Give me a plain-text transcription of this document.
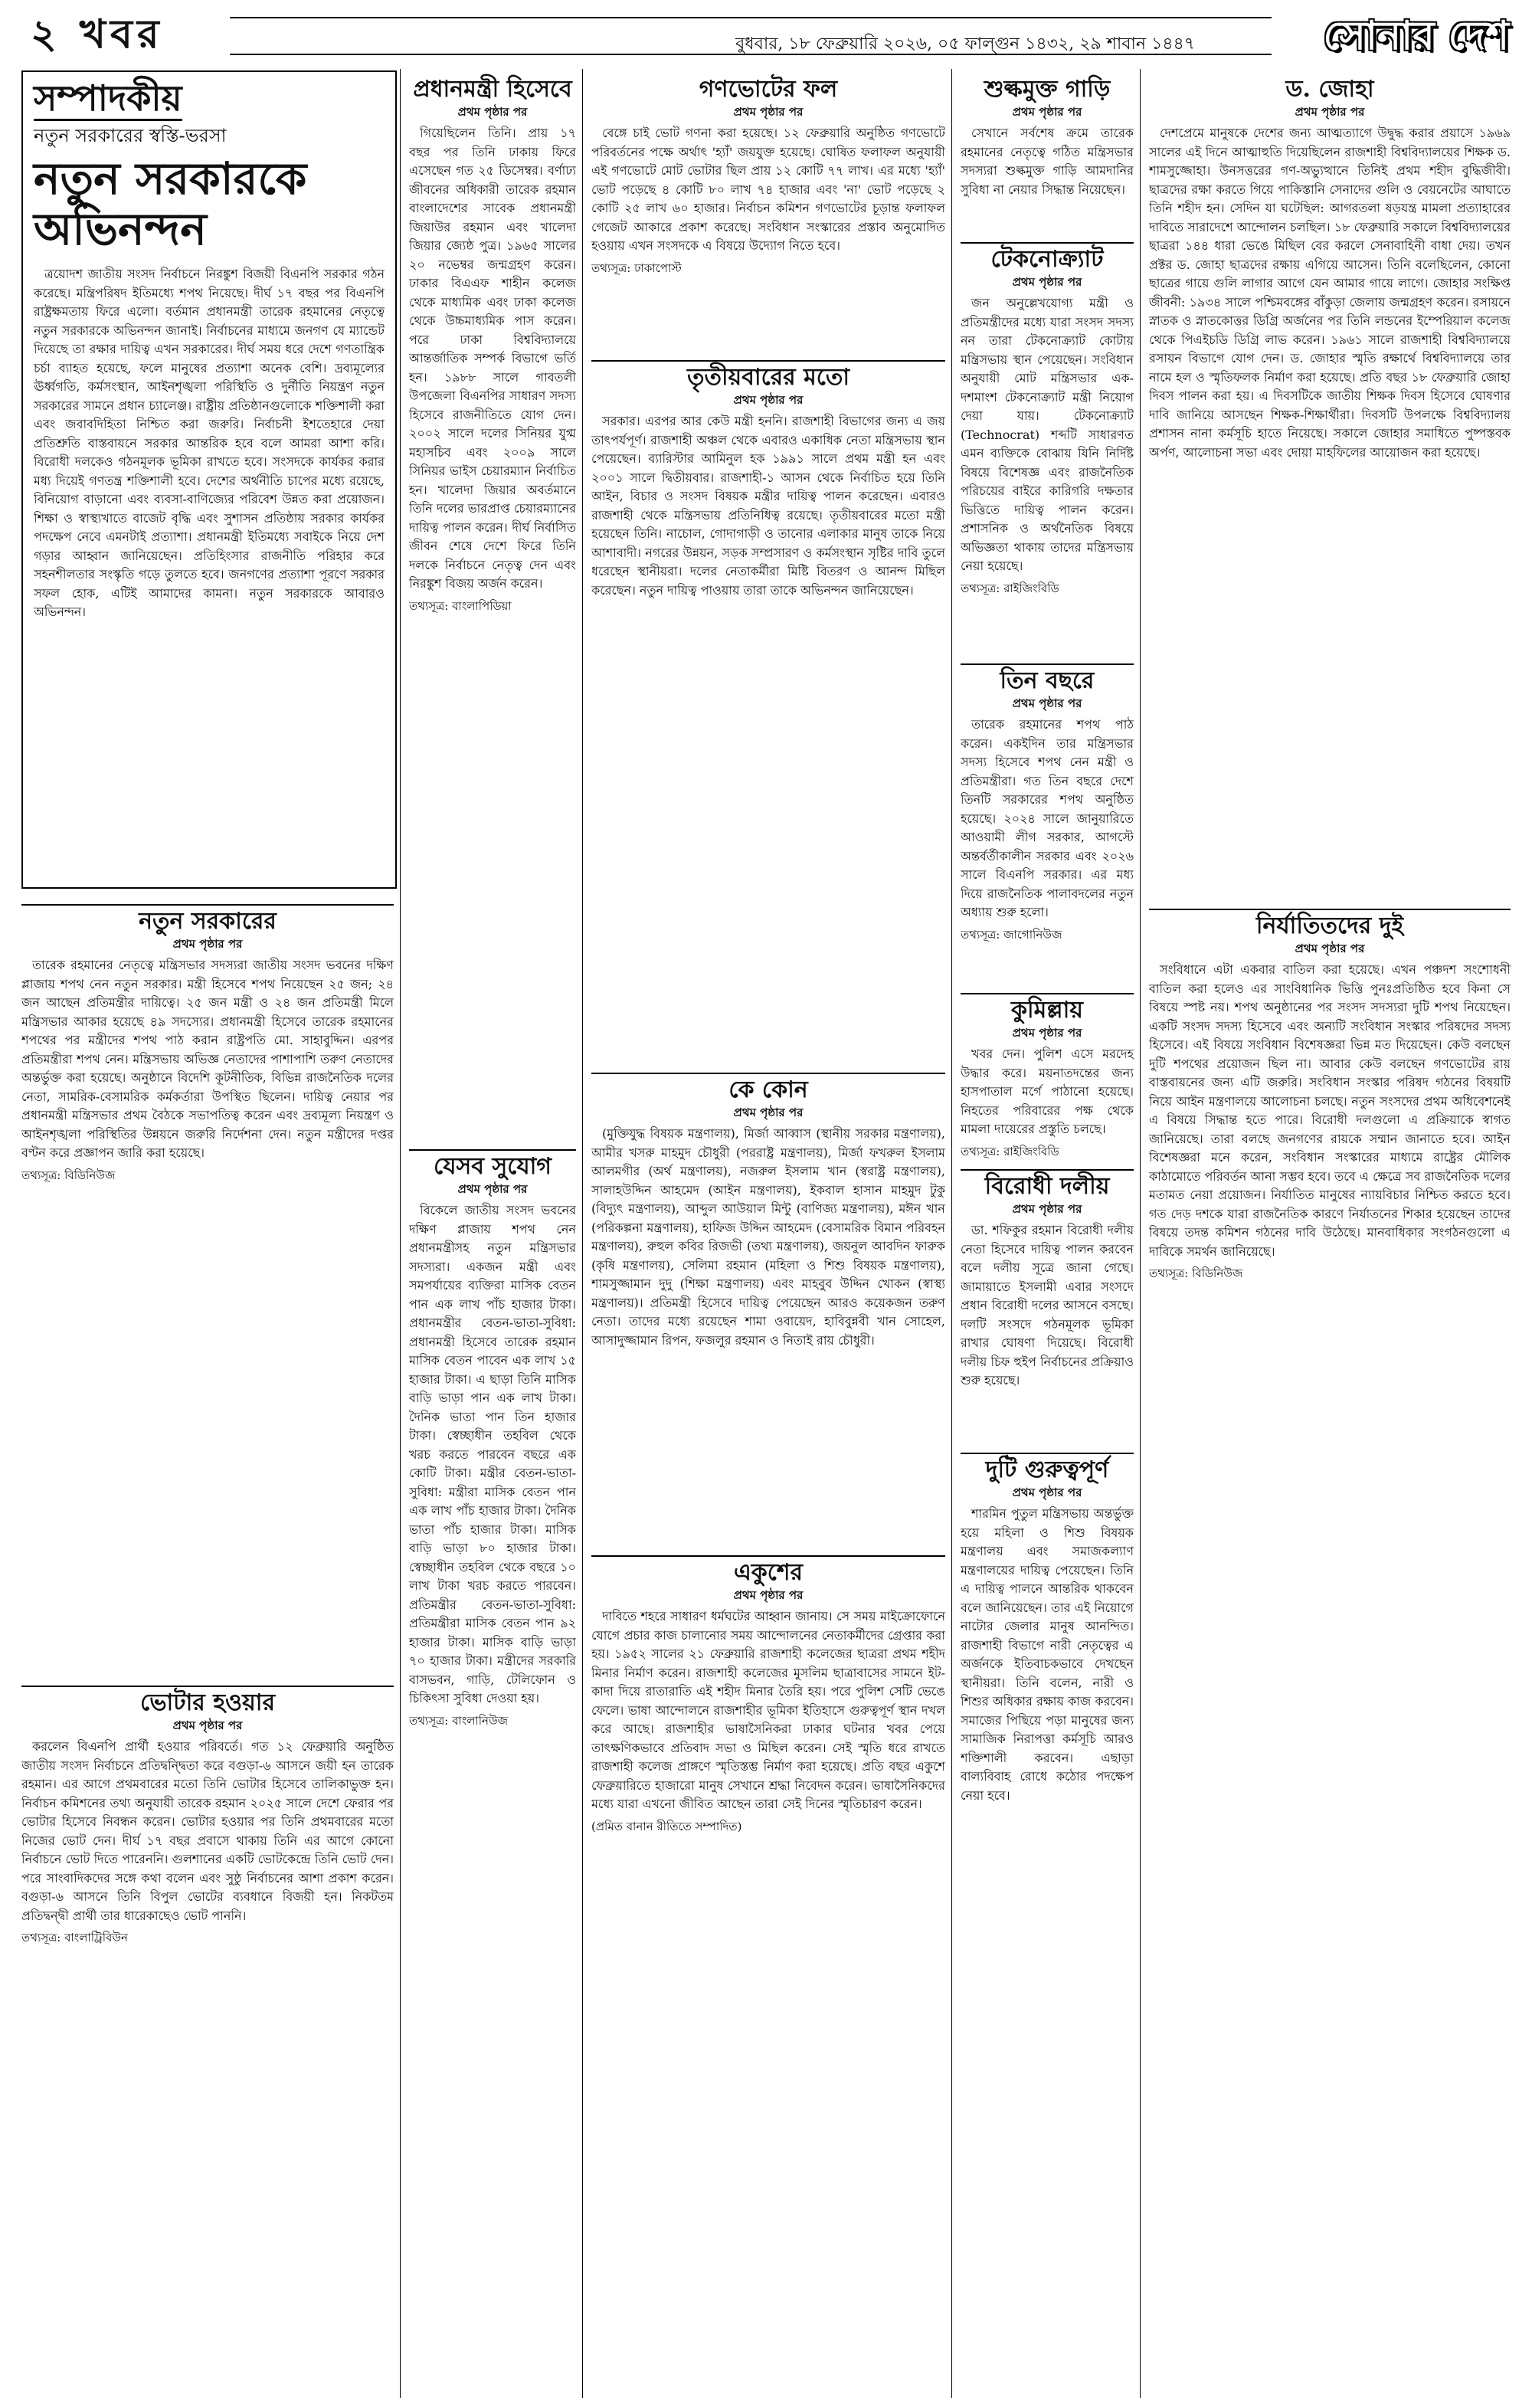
২ খবর	বুধবার, ১৮ ফেব্রুয়ারি ২০২৬, ০৫ ফাল্গুন ১৪৩২, ২৯ শাবান ১৪৪৭	সোনার দেশ
সম্পাদকীয়
নতুন সরকারের স্বস্তি-ভরসা
নতুন সরকারকে অভিনন্দন

ত্রয়োদশ জাতীয় সংসদ নির্বাচনে নিরঙ্কুশ বিজয়ী বিএনপি সরকার গঠন করেছে। মন্ত্রিপরিষদ ইতিমধ্যে শপথ নিয়েছে। দীর্ঘ ১৭ বছর পর বিএনপি রাষ্ট্রক্ষমতায় ফিরে এলো। বর্তমান প্রধানমন্ত্রী তারেক রহমানের নেতৃত্বে নতুন সরকারকে অভিনন্দন জানাই। নির্বাচনের মাধ্যমে জনগণ যে ম্যান্ডেট দিয়েছে তা রক্ষার দায়িত্ব এখন সরকারের। দীর্ঘ সময় ধরে দেশে গণতান্ত্রিক চর্চা ব্যাহত হয়েছে, ফলে মানুষের প্রত্যাশা অনেক বেশি। দ্রব্যমূল্যের ঊর্ধ্বগতি, কর্মসংস্থান, আইনশৃঙ্খলা পরিস্থিতি ও দুর্নীতি নিয়ন্ত্রণ নতুন সরকারের সামনে প্রধান চ্যালেঞ্জ। রাষ্ট্রীয় প্রতিষ্ঠানগুলোকে শক্তিশালী করা এবং জবাবদিহিতা নিশ্চিত করা জরুরি। নির্বাচনী ইশতেহারে দেয়া প্রতিশ্রুতি বাস্তবায়নে সরকার আন্তরিক হবে বলে আমরা আশা করি। বিরোধী দলকেও গঠনমূলক ভূমিকা রাখতে হবে। সংসদকে কার্যকর করার মধ্য দিয়েই গণতন্ত্র শক্তিশালী হবে। দেশের অর্থনীতি চাপের মধ্যে রয়েছে, বিনিয়োগ বাড়ানো এবং ব্যবসা-বাণিজ্যের পরিবেশ উন্নত করা প্রয়োজন। শিক্ষা ও স্বাস্থ্যখাতে বাজেট বৃদ্ধি এবং সুশাসন প্রতিষ্ঠায় সরকার কার্যকর পদক্ষেপ নেবে এমনটাই প্রত্যাশা। প্রধানমন্ত্রী ইতিমধ্যে সবাইকে নিয়ে দেশ গড়ার আহ্বান জানিয়েছেন। প্রতিহিংসার রাজনীতি পরিহার করে সহনশীলতার সংস্কৃতি গড়ে তুলতে হবে। জনগণের প্রত্যাশা পূরণে সরকার সফল হোক, এটিই আমাদের কামনা। নতুন সরকারকে আবারও অভিনন্দন।

প্রধানমন্ত্রী হিসেবে
প্রথম পৃষ্ঠার পর

গিয়েছিলেন তিনি। প্রায় ১৭ বছর পর তিনি ঢাকায় ফিরে এসেছেন গত ২৫ ডিসেম্বর। বর্ণাঢ্য জীবনের অধিকারী তারেক রহমান বাংলাদেশের সাবেক প্রধানমন্ত্রী জিয়াউর রহমান এবং খালেদা জিয়ার জ্যেষ্ঠ পুত্র। ১৯৬৫ সালের ২০ নভেম্বর জন্মগ্রহণ করেন। ঢাকার বিএএফ শাহীন কলেজ থেকে মাধ্যমিক এবং ঢাকা কলেজ থেকে উচ্চমাধ্যমিক পাস করেন। পরে ঢাকা বিশ্ববিদ্যালয়ে আন্তর্জাতিক সম্পর্ক বিভাগে ভর্তি হন। ১৯৮৮ সালে গাবতলী উপজেলা বিএনপির সাধারণ সদস্য হিসেবে রাজনীতিতে যোগ দেন। ২০০২ সালে দলের সিনিয়র যুগ্ম মহাসচিব এবং ২০০৯ সালে সিনিয়র ভাইস চেয়ারম্যান নির্বাচিত হন। খালেদা জিয়ার অবর্তমানে তিনি দলের ভারপ্রাপ্ত চেয়ারম্যানের দায়িত্ব পালন করেন। দীর্ঘ নির্বাসিত জীবন শেষে দেশে ফিরে তিনি দলকে নির্বাচনে নেতৃত্ব দেন এবং নিরঙ্কুশ বিজয় অর্জন করেন।

তথ্যসূত্র: বাংলাপিডিয়া
নতুন সরকারের
প্রথম পৃষ্ঠার পর

তারেক রহমানের নেতৃত্বে মন্ত্রিসভার সদস্যরা জাতীয় সংসদ ভবনের দক্ষিণ প্লাজায় শপথ নেন নতুন সরকার। মন্ত্রী হিসেবে শপথ নিয়েছেন ২৫ জন; ২৪ জন আছেন প্রতিমন্ত্রীর দায়িত্বে। ২৫ জন মন্ত্রী ও ২৪ জন প্রতিমন্ত্রী মিলে মন্ত্রিসভার আকার হয়েছে ৪৯ সদস্যের। প্রধানমন্ত্রী হিসেবে তারেক রহমানের শপথের পর মন্ত্রীদের শপথ পাঠ করান রাষ্ট্রপতি মো. সাহাবুদ্দিন। এরপর প্রতিমন্ত্রীরা শপথ নেন। মন্ত্রিসভায় অভিজ্ঞ নেতাদের পাশাপাশি তরুণ নেতাদের অন্তর্ভুক্ত করা হয়েছে। অনুষ্ঠানে বিদেশি কূটনীতিক, বিভিন্ন রাজনৈতিক দলের নেতা, সামরিক-বেসামরিক কর্মকর্তারা উপস্থিত ছিলেন। দায়িত্ব নেয়ার পর প্রধানমন্ত্রী মন্ত্রিসভার প্রথম বৈঠকে সভাপতিত্ব করেন এবং দ্রব্যমূল্য নিয়ন্ত্রণ ও আইনশৃঙ্খলা পরিস্থিতির উন্নয়নে জরুরি নির্দেশনা দেন। নতুন মন্ত্রীদের দপ্তর বণ্টন করে প্রজ্ঞাপন জারি করা হয়েছে।

তথ্যসূত্র: বিডিনিউজ
ভোটার হওয়ার
প্রথম পৃষ্ঠার পর

করলেন বিএনপি প্রার্থী হওয়ার পরিবর্তে। গত ১২ ফেব্রুয়ারি অনুষ্ঠিত জাতীয় সংসদ নির্বাচনে প্রতিদ্বন্দ্বিতা করে বগুড়া-৬ আসনে জয়ী হন তারেক রহমান। এর আগে প্রথমবারের মতো তিনি ভোটার হিসেবে তালিকাভুক্ত হন। নির্বাচন কমিশনের তথ্য অনুযায়ী তারেক রহমান ২০২৫ সালে দেশে ফেরার পর ভোটার হিসেবে নিবন্ধন করেন। ভোটার হওয়ার পর তিনি প্রথমবারের মতো নিজের ভোট দেন। দীর্ঘ ১৭ বছর প্রবাসে থাকায় তিনি এর আগে কোনো নির্বাচনে ভোট দিতে পারেননি। গুলশানের একটি ভোটকেন্দ্রে তিনি ভোট দেন। পরে সাংবাদিকদের সঙ্গে কথা বলেন এবং সুষ্ঠু নির্বাচনের আশা প্রকাশ করেন। বগুড়া-৬ আসনে তিনি বিপুল ভোটের ব্যবধানে বিজয়ী হন। নিকটতম প্রতিদ্বন্দ্বী প্রার্থী তার ধারেকাছেও ভোট পাননি।

তথ্যসূত্র: বাংলাট্রিবিউন
গণভোটের ফল
প্রথম পৃষ্ঠার পর

বেঙ্গে চাই ভোট গণনা করা হয়েছে। ১২ ফেব্রুয়ারি অনুষ্ঠিত গণভোটে পরিবর্তনের পক্ষে অর্থাৎ 'হ্যাঁ' জয়যুক্ত হয়েছে। ঘোষিত ফলাফল অনুযায়ী এই গণভোটে মোট ভোটার ছিল প্রায় ১২ কোটি ৭৭ লাখ। এর মধ্যে 'হ্যাঁ' ভোট পড়েছে ৪ কোটি ৮০ লাখ ৭৪ হাজার এবং 'না' ভোট পড়েছে ২ কোটি ২৫ লাখ ৬০ হাজার। নির্বাচন কমিশন গণভোটের চূড়ান্ত ফলাফল গেজেট আকারে প্রকাশ করেছে। সংবিধান সংস্কারের প্রস্তাব অনুমোদিত হওয়ায় এখন সংসদকে এ বিষয়ে উদ্যোগ নিতে হবে।

তথ্যসূত্র: ঢাকাপোস্ট
তৃতীয়বারের মতো
প্রথম পৃষ্ঠার পর

সরকার। এরপর আর কেউ মন্ত্রী হননি। রাজশাহী বিভাগের জন্য এ জয় তাৎপর্যপূর্ণ। রাজশাহী অঞ্চল থেকে এবারও একাধিক নেতা মন্ত্রিসভায় স্থান পেয়েছেন। ব্যারিস্টার আমিনুল হক ১৯৯১ সালে প্রথম মন্ত্রী হন এবং ২০০১ সালে দ্বিতীয়বার। রাজশাহী-১ আসন থেকে নির্বাচিত হয়ে তিনি আইন, বিচার ও সংসদ বিষয়ক মন্ত্রীর দায়িত্ব পালন করেছেন। এবারও রাজশাহী থেকে মন্ত্রিসভায় প্রতিনিধিত্ব রয়েছে। তৃতীয়বারের মতো মন্ত্রী হয়েছেন তিনি। নাচোল, গোদাগাড়ী ও তানোর এলাকার মানুষ তাকে নিয়ে আশাবাদী। নগরের উন্নয়ন, সড়ক সম্প্রসারণ ও কর্মসংস্থান সৃষ্টির দাবি তুলে ধরেছেন স্থানীয়রা। দলের নেতাকর্মীরা মিষ্টি বিতরণ ও আনন্দ মিছিল করেছেন। নতুন দায়িত্ব পাওয়ায় তারা তাকে অভিনন্দন জানিয়েছেন।

কে কোন
প্রথম পৃষ্ঠার পর

(মুক্তিযুদ্ধ বিষয়ক মন্ত্রণালয়), মির্জা আব্বাস (স্থানীয় সরকার মন্ত্রণালয়), আমীর খসরু মাহমুদ চৌধুরী (পররাষ্ট্র মন্ত্রণালয়), মির্জা ফখরুল ইসলাম আলমগীর (অর্থ মন্ত্রণালয়), নজরুল ইসলাম খান (স্বরাষ্ট্র মন্ত্রণালয়), সালাহউদ্দিন আহমেদ (আইন মন্ত্রণালয়), ইকবাল হাসান মাহমুদ টুকু (বিদ্যুৎ মন্ত্রণালয়), আব্দুল আউয়াল মিন্টু (বাণিজ্য মন্ত্রণালয়), মঈন খান (পরিকল্পনা মন্ত্রণালয়), হাফিজ উদ্দিন আহমেদ (বেসামরিক বিমান পরিবহন মন্ত্রণালয়), রুহুল কবির রিজভী (তথ্য মন্ত্রণালয়), জয়নুল আবদিন ফারুক (কৃষি মন্ত্রণালয়), সেলিমা রহমান (মহিলা ও শিশু বিষয়ক মন্ত্রণালয়), শামসুজ্জামান দুদু (শিক্ষা মন্ত্রণালয়) এবং মাহবুব উদ্দিন খোকন (স্বাস্থ্য মন্ত্রণালয়)। প্রতিমন্ত্রী হিসেবে দায়িত্ব পেয়েছেন আরও কয়েকজন তরুণ নেতা। তাদের মধ্যে রয়েছেন শামা ওবায়েদ, হাবিবুন্নবী খান সোহেল, আসাদুজ্জামান রিপন, ফজলুর রহমান ও নিতাই রায় চৌধুরী।

যেসব সুযোগ
প্রথম পৃষ্ঠার পর

বিকেলে জাতীয় সংসদ ভবনের দক্ষিণ প্লাজায় শপথ নেন প্রধানমন্ত্রীসহ নতুন মন্ত্রিসভার সদস্যরা। একজন মন্ত্রী এবং সমপর্যায়ের ব্যক্তিরা মাসিক বেতন পান এক লাখ পাঁচ হাজার টাকা। প্রধানমন্ত্রীর বেতন-ভাতা-সুবিধা: প্রধানমন্ত্রী হিসেবে তারেক রহমান মাসিক বেতন পাবেন এক লাখ ১৫ হাজার টাকা। এ ছাড়া তিনি মাসিক বাড়ি ভাড়া পান এক লাখ টাকা। দৈনিক ভাতা পান তিন হাজার টাকা। স্বেচ্ছাধীন তহবিল থেকে খরচ করতে পারবেন বছরে এক কোটি টাকা। মন্ত্রীর বেতন-ভাতা-সুবিধা: মন্ত্রীরা মাসিক বেতন পান এক লাখ পাঁচ হাজার টাকা। দৈনিক ভাতা পাঁচ হাজার টাকা। মাসিক বাড়ি ভাড়া ৮০ হাজার টাকা। স্বেচ্ছাধীন তহবিল থেকে বছরে ১০ লাখ টাকা খরচ করতে পারবেন। প্রতিমন্ত্রীর বেতন-ভাতা-সুবিধা: প্রতিমন্ত্রীরা মাসিক বেতন পান ৯২ হাজার টাকা। মাসিক বাড়ি ভাড়া ৭০ হাজার টাকা। মন্ত্রীদের সরকারি বাসভবন, গাড়ি, টেলিফোন ও চিকিৎসা সুবিধা দেওয়া হয়।

তথ্যসূত্র: বাংলানিউজ
একুশের
প্রথম পৃষ্ঠার পর

দাবিতে শহরে সাধারণ ধর্মঘটের আহ্বান জানায়। সে সময় মাইক্রোফোনে যোগে প্রচার কাজ চালানোর সময় আন্দোলনের নেতাকর্মীদের গ্রেপ্তার করা হয়। ১৯৫২ সালের ২১ ফেব্রুয়ারি রাজশাহী কলেজের ছাত্ররা প্রথম শহীদ মিনার নির্মাণ করেন। রাজশাহী কলেজের মুসলিম ছাত্রাবাসের সামনে ইট-কাদা দিয়ে রাতারাতি এই শহীদ মিনার তৈরি হয়। পরে পুলিশ সেটি ভেঙে ফেলে। ভাষা আন্দোলনে রাজশাহীর ভূমিকা ইতিহাসে গুরুত্বপূর্ণ স্থান দখল করে আছে। রাজশাহীর ভাষাসৈনিকরা ঢাকার ঘটনার খবর পেয়ে তাৎক্ষণিকভাবে প্রতিবাদ সভা ও মিছিল করেন। সেই স্মৃতি ধরে রাখতে রাজশাহী কলেজ প্রাঙ্গণে স্মৃতিস্তম্ভ নির্মাণ করা হয়েছে। প্রতি বছর একুশে ফেব্রুয়ারিতে হাজারো মানুষ সেখানে শ্রদ্ধা নিবেদন করেন। ভাষাসৈনিকদের মধ্যে যারা এখনো জীবিত আছেন তারা সেই দিনের স্মৃতিচারণ করেন।

(প্রমিত বানান রীতিতে সম্পাদিত)
শুল্কমুক্ত গাড়ি
প্রথম পৃষ্ঠার পর

সেখানে সর্বশেষ ক্রমে তারেক রহমানের নেতৃত্বে গঠিত মন্ত্রিসভার সদস্যরা শুল্কমুক্ত গাড়ি আমদানির সুবিধা না নেয়ার সিদ্ধান্ত নিয়েছেন।

টেকনোক্র্যাট
প্রথম পৃষ্ঠার পর

জন অনুল্লেখযোগ্য মন্ত্রী ও প্রতিমন্ত্রীদের মধ্যে যারা সংসদ সদস্য নন তারা টেকনোক্র্যাট কোটায় মন্ত্রিসভায় স্থান পেয়েছেন। সংবিধান অনুযায়ী মোট মন্ত্রিসভার এক-দশমাংশ টেকনোক্র্যাট মন্ত্রী নিয়োগ দেয়া যায়। টেকনোক্র্যাট (Technocrat) শব্দটি সাধারণত এমন ব্যক্তিকে বোঝায় যিনি নির্দিষ্ট বিষয়ে বিশেষজ্ঞ এবং রাজনৈতিক পরিচয়ের বাইরে কারিগরি দক্ষতার ভিত্তিতে দায়িত্ব পালন করেন। প্রশাসনিক ও অর্থনৈতিক বিষয়ে অভিজ্ঞতা থাকায় তাদের মন্ত্রিসভায় নেয়া হয়েছে।

তথ্যসূত্র: রাইজিংবিডি
তিন বছরে
প্রথম পৃষ্ঠার পর

তারেক রহমানের শপথ পাঠ করেন। একইদিন তার মন্ত্রিসভার সদস্য হিসেবে শপথ নেন মন্ত্রী ও প্রতিমন্ত্রীরা। গত তিন বছরে দেশে তিনটি সরকারের শপথ অনুষ্ঠিত হয়েছে। ২০২৪ সালে জানুয়ারিতে আওয়ামী লীগ সরকার, আগস্টে অন্তর্বর্তীকালীন সরকার এবং ২০২৬ সালে বিএনপি সরকার। এর মধ্য দিয়ে রাজনৈতিক পালাবদলের নতুন অধ্যায় শুরু হলো।

তথ্যসূত্র: জাগোনিউজ
কুমিল্লায়
প্রথম পৃষ্ঠার পর

খবর দেন। পুলিশ এসে মরদেহ উদ্ধার করে। ময়নাতদন্তের জন্য হাসপাতাল মর্গে পাঠানো হয়েছে। নিহতের পরিবারের পক্ষ থেকে মামলা দায়েরের প্রস্তুতি চলছে।

তথ্যসূত্র: রাইজিংবিডি
বিরোধী দলীয়
প্রথম পৃষ্ঠার পর

ডা. শফিকুর রহমান বিরোধী দলীয় নেতা হিসেবে দায়িত্ব পালন করবেন বলে দলীয় সূত্রে জানা গেছে। জামায়াতে ইসলামী এবার সংসদে প্রধান বিরোধী দলের আসনে বসছে। দলটি সংসদে গঠনমূলক ভূমিকা রাখার ঘোষণা দিয়েছে। বিরোধী দলীয় চিফ হুইপ নির্বাচনের প্রক্রিয়াও শুরু হয়েছে।

দুটি গুরুত্বপূর্ণ
প্রথম পৃষ্ঠার পর

শারমিন পুতুল মন্ত্রিসভায় অন্তর্ভুক্ত হয়ে মহিলা ও শিশু বিষয়ক মন্ত্রণালয় এবং সমাজকল্যাণ মন্ত্রণালয়ের দায়িত্ব পেয়েছেন। তিনি এ দায়িত্ব পালনে আন্তরিক থাকবেন বলে জানিয়েছেন। তার এই নিয়োগে নাটোর জেলার মানুষ আনন্দিত। রাজশাহী বিভাগে নারী নেতৃত্বের এ অর্জনকে ইতিবাচকভাবে দেখছেন স্থানীয়রা। তিনি বলেন, নারী ও শিশুর অধিকার রক্ষায় কাজ করবেন। সমাজের পিছিয়ে পড়া মানুষের জন্য সামাজিক নিরাপত্তা কর্মসূচি আরও শক্তিশালী করবেন। এছাড়া বাল্যবিবাহ রোধে কঠোর পদক্ষেপ নেয়া হবে।

ড. জোহা
প্রথম পৃষ্ঠার পর

দেশপ্রেমে মানুষকে দেশের জন্য আত্মত্যাগে উদ্বুদ্ধ করার প্রয়াসে ১৯৬৯ সালের এই দিনে আত্মাহুতি দিয়েছিলেন রাজশাহী বিশ্ববিদ্যালয়ের শিক্ষক ড. শামসুজ্জোহা। উনসত্তরের গণ-অভ্যুত্থানে তিনিই প্রথম শহীদ বুদ্ধিজীবী। ছাত্রদের রক্ষা করতে গিয়ে পাকিস্তানি সেনাদের গুলি ও বেয়নেটের আঘাতে তিনি শহীদ হন। সেদিন যা ঘটেছিল: আগরতলা ষড়যন্ত্র মামলা প্রত্যাহারের দাবিতে সারাদেশে আন্দোলন চলছিল। ১৮ ফেব্রুয়ারি সকালে বিশ্ববিদ্যালয়ের ছাত্ররা ১৪৪ ধারা ভেঙে মিছিল বের করলে সেনাবাহিনী বাধা দেয়। তখন প্রক্টর ড. জোহা ছাত্রদের রক্ষায় এগিয়ে আসেন। তিনি বলেছিলেন, কোনো ছাত্রের গায়ে গুলি লাগার আগে যেন আমার গায়ে লাগে। জোহার সংক্ষিপ্ত জীবনী: ১৯৩৪ সালে পশ্চিমবঙ্গের বাঁকুড়া জেলায় জন্মগ্রহণ করেন। রসায়নে স্নাতক ও স্নাতকোত্তর ডিগ্রি অর্জনের পর তিনি লন্ডনের ইম্পেরিয়াল কলেজ থেকে পিএইচডি ডিগ্রি লাভ করেন। ১৯৬১ সালে রাজশাহী বিশ্ববিদ্যালয়ে রসায়ন বিভাগে যোগ দেন। ড. জোহার স্মৃতি রক্ষার্থে বিশ্ববিদ্যালয়ে তার নামে হল ও স্মৃতিফলক নির্মাণ করা হয়েছে। প্রতি বছর ১৮ ফেব্রুয়ারি জোহা দিবস পালন করা হয়। এ দিবসটিকে জাতীয় শিক্ষক দিবস হিসেবে ঘোষণার দাবি জানিয়ে আসছেন শিক্ষক-শিক্ষার্থীরা। দিবসটি উপলক্ষে বিশ্ববিদ্যালয় প্রশাসন নানা কর্মসূচি হাতে নিয়েছে। সকালে জোহার সমাধিতে পুষ্পস্তবক অর্পণ, আলোচনা সভা এবং দোয়া মাহফিলের আয়োজন করা হয়েছে।

নির্যাতিতদের দুই
প্রথম পৃষ্ঠার পর

সংবিধানে এটা একবার বাতিল করা হয়েছে। এখন পঞ্চদশ সংশোধনী বাতিল করা হলেও এর সাংবিধানিক ভিত্তি পুনঃপ্রতিষ্ঠিত হবে কিনা সে বিষয়ে স্পষ্ট নয়। শপথ অনুষ্ঠানের পর সংসদ সদস্যরা দুটি শপথ নিয়েছেন। একটি সংসদ সদস্য হিসেবে এবং অন্যটি সংবিধান সংস্কার পরিষদের সদস্য হিসেবে। এই বিষয়ে সংবিধান বিশেষজ্ঞরা ভিন্ন মত দিয়েছেন। কেউ বলছেন দুটি শপথের প্রয়োজন ছিল না। আবার কেউ বলছেন গণভোটের রায় বাস্তবায়নের জন্য এটি জরুরি। সংবিধান সংস্কার পরিষদ গঠনের বিষয়টি নিয়ে আইন মন্ত্রণালয়ে আলোচনা চলছে। নতুন সংসদের প্রথম অধিবেশনেই এ বিষয়ে সিদ্ধান্ত হতে পারে। বিরোধী দলগুলো এ প্রক্রিয়াকে স্বাগত জানিয়েছে। তারা বলছে জনগণের রায়কে সম্মান জানাতে হবে। আইন বিশেষজ্ঞরা মনে করেন, সংবিধান সংস্কারের মাধ্যমে রাষ্ট্রের মৌলিক কাঠামোতে পরিবর্তন আনা সম্ভব হবে। তবে এ ক্ষেত্রে সব রাজনৈতিক দলের মতামত নেয়া প্রয়োজন। নির্যাতিত মানুষের ন্যায়বিচার নিশ্চিত করতে হবে। গত দেড় দশকে যারা রাজনৈতিক কারণে নির্যাতনের শিকার হয়েছেন তাদের বিষয়ে তদন্ত কমিশন গঠনের দাবি উঠেছে। মানবাধিকার সংগঠনগুলো এ দাবিকে সমর্থন জানিয়েছে।

তথ্যসূত্র: বিডিনিউজ
